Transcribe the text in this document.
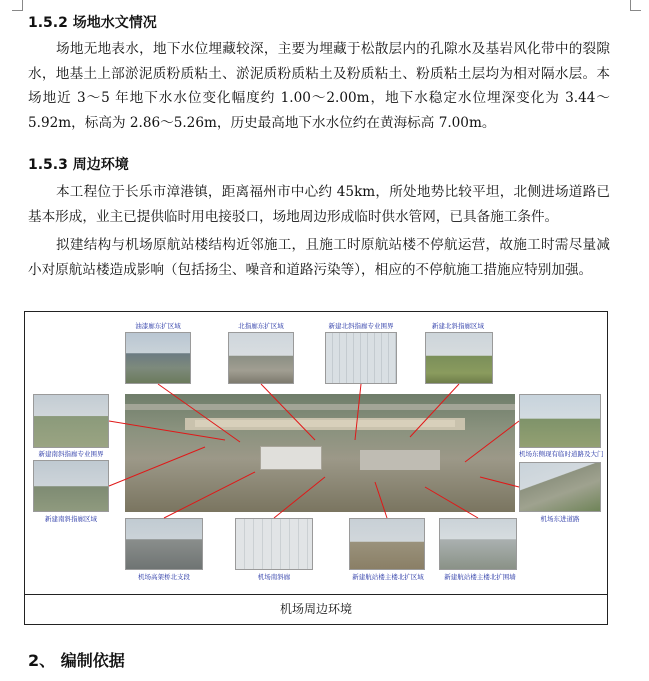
1.5.2 场地水文情况
场地无地表水，地下水位埋藏较深，主要为埋藏于松散层内的孔隙水及基岩风化带中的裂隙水，地基土上部淤泥质粉质粘土、淤泥质粉质粘土及粉质粘土、粉质粘土层均为相对隔水层。本场地近 3～5 年地下水水位变化幅度约 1.00～2.00m，地下水稳定水位埋深变化为 3.44～5.92m，标高为 2.86～5.26m，历史最高地下水水位约在黄海标高 7.00m。
1.5.3 周边环境
本工程位于长乐市漳港镇，距离福州市中心约 45km，所处地势比较平坦，北侧进场道路已基本形成，业主已提供临时用电接驳口，场地周边形成临时供水管网，已具备施工条件。
拟建结构与机场原航站楼结构近邻施工，且施工时原航站楼不停航运营，故施工时需尽量减小对原航站楼造成影响（包括扬尘、噪音和道路污染等），相应的不停航施工措施应特别加强。
油漆廊东扩区域	北指廊东扩区域	新建北斜指廊专业围界	新建北斜指廊区域
新建南斜指廊专业围界
新建南斜指廊区域
机场东侧现有临时道路及大门
机场东进道路
机场高架桥北支段	机场南斜廊	新建航站楼主楼北扩区域	新建航站楼主楼北扩围墙
机场周边环境
2、 编制依据
